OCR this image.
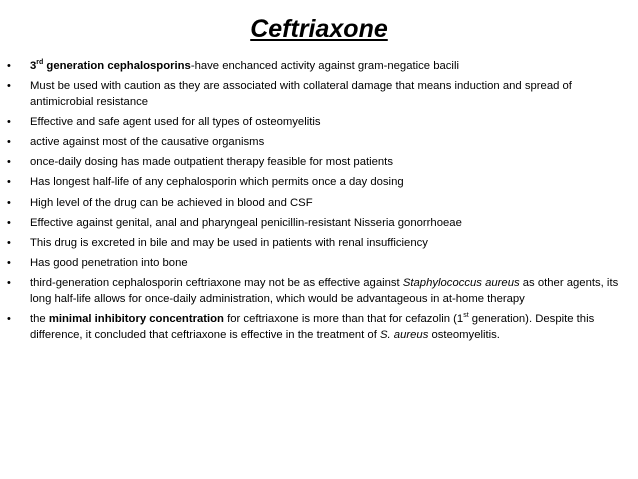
Ceftriaxone
•	3rd generation cephalosporins-have enchanced activity against gram-negatice bacili
•	Must be used with caution as they are associated with collateral damage that means induction and spread of antimicrobial resistance
•	Effective and safe agent used for all types of osteomyelitis
•	active against most of the causative organisms
•	once-daily dosing has made outpatient therapy feasible for most patients
•	Has longest half-life of any cephalosporin which permits once a day dosing
•	High level of the drug can be achieved in blood and CSF
•	Effective against genital, anal and pharyngeal penicillin-resistant Nisseria gonorrhoeae
•	This drug is excreted in bile and may be used in patients with renal insufficiency
•	Has good penetration into bone
•	third-generation cephalosporin ceftriaxone may not be as effective against Staphylococcus aureus as other agents, its long half-life allows for once-daily administration, which would be advantageous in at-home therapy
•	the minimal inhibitory concentration for ceftriaxone is more than that for cefazolin (1st generation). Despite this difference, it concluded that ceftriaxone is effective in the treatment of S. aureus osteomyelitis.
